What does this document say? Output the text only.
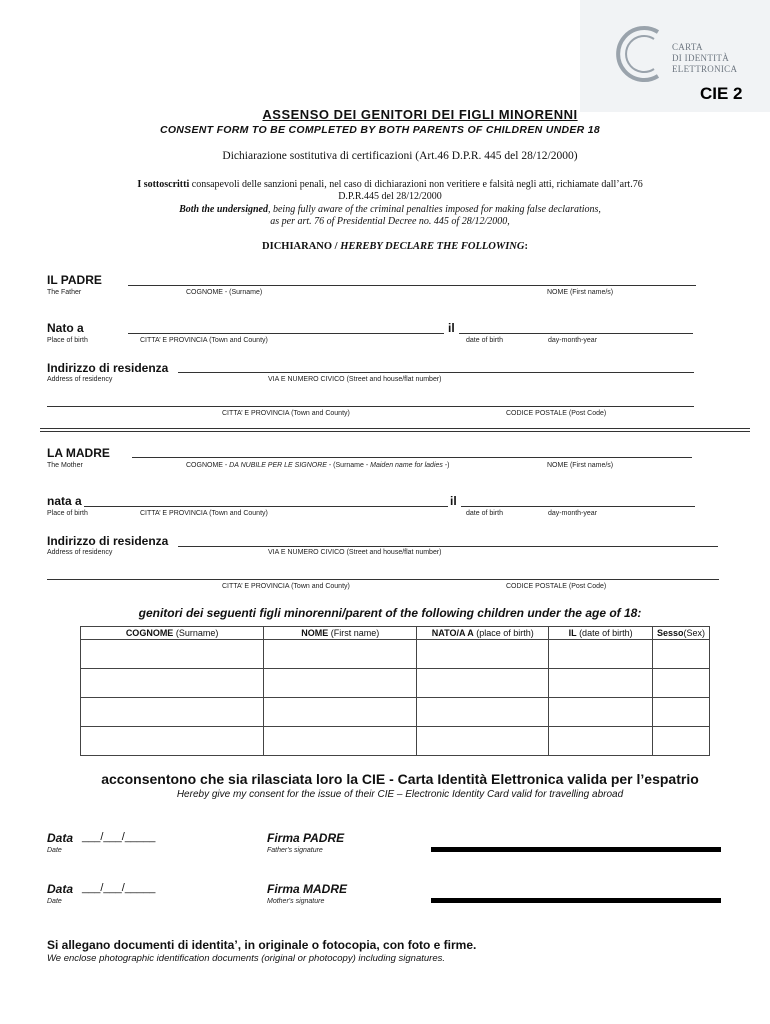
CARTA
DI IDENTITÀ
ELETTRONICA
CIE 2
ASSENSO DEI GENITORI DEI FIGLI MINORENNI
CONSENT FORM TO BE COMPLETED BY BOTH PARENTS OF CHILDREN UNDER 18
Dichiarazione sostitutiva di certificazioni (Art.46 D.P.R. 445 del 28/12/2000)
I sottoscritti consapevoli delle sanzioni penali, nel caso di dichiarazioni non veritiere e falsità negli atti, richiamate dall’art.76
D.P.R.445 del 28/12/2000
Both the undersigned, being fully aware of the criminal penalties imposed for making false declarations,
as per art. 76 of Presidential Decree no. 445 of 28/12/2000,
DICHIARANO / HEREBY DECLARE THE FOLLOWING:
IL PADRE
The Father	COGNOME - (Surname)	NOME (First name/s)
Nato a
Place of birth
il
CITTA’ E PROVINCIA (Town and County)	date of birth	day-month-year
Indirizzo di residenza
Address of residency	VIA E NUMERO CIVICO (Street and house/flat number)
CITTA’ E PROVINCIA (Town and County)	CODICE POSTALE (Post Code)
LA MADRE
The Mother	COGNOME - DA NUBILE PER LE SIGNORE - (Surname - Maiden name for ladies -)	NOME (First name/s)
nata a
Place of birth
il
CITTA’ E PROVINCIA (Town and County)	date of birth	day-month-year
Indirizzo di residenza
Address of residency	VIA E NUMERO CIVICO (Street and house/flat number)
CITTA’ E PROVINCIA (Town and County)	CODICE POSTALE (Post Code)
genitori dei seguenti figli minorenni/parent of the following children under the age of 18:
COGNOME (Surname)	NOME (First name)	NATO/A A (place of birth)	IL (date of birth)	Sesso(Sex)

acconsentono che sia rilasciata loro la CIE - Carta Identità Elettronica valida per l’espatrio
Hereby give my consent for the issue of their CIE – Electronic Identity Card valid for travelling abroad
Data ___/___/_____
Date
Firma PADRE
Father's signature
Data ___/___/_____
Date
Firma MADRE
Mother's signature
Si allegano documenti di identita’, in originale o fotocopia, con foto e firme.
We enclose photographic identification documents (original or photocopy) including signatures.
